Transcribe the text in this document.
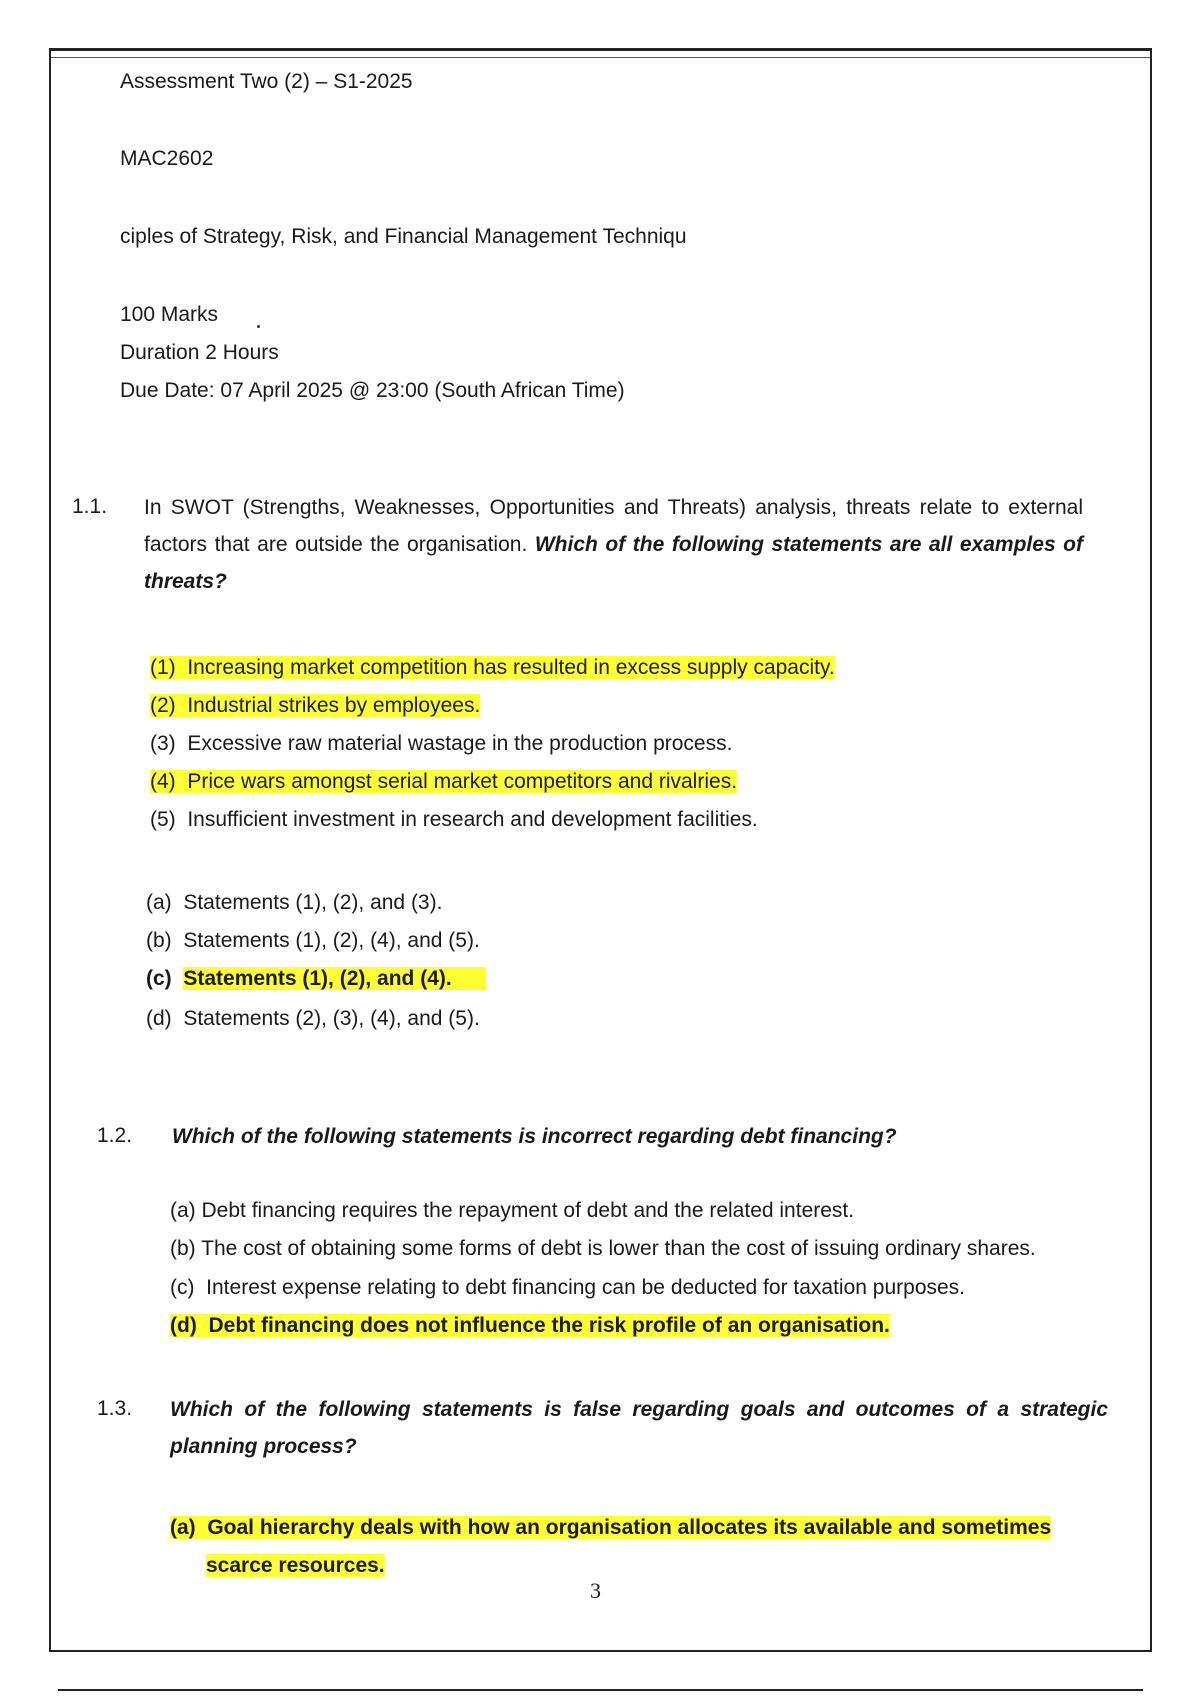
Assessment Two (2) – S1-2025
MAC2602
ciples of Strategy, Risk, and Financial Management Techniqu
100 Marks
Duration 2 Hours
Due Date: 07 April 2025 @ 23:00 (South African Time)
1.1. In SWOT (Strengths, Weaknesses, Opportunities and Threats) analysis, threats relate to external factors that are outside the organisation. Which of the following statements are all examples of threats?
(1) Increasing market competition has resulted in excess supply capacity.
(2) Industrial strikes by employees.
(3) Excessive raw material wastage in the production process.
(4) Price wars amongst serial market competitors and rivalries.
(5) Insufficient investment in research and development facilities.
(a) Statements (1), (2), and (3).
(b) Statements (1), (2), (4), and (5).
(c) Statements (1), (2), and (4).
(d) Statements (2), (3), (4), and (5).
1.2. Which of the following statements is incorrect regarding debt financing?
(a) Debt financing requires the repayment of debt and the related interest.
(b) The cost of obtaining some forms of debt is lower than the cost of issuing ordinary shares.
(c) Interest expense relating to debt financing can be deducted for taxation purposes.
(d) Debt financing does not influence the risk profile of an organisation.
1.3. Which of the following statements is false regarding goals and outcomes of a strategic planning process?
(a) Goal hierarchy deals with how an organisation allocates its available and sometimes
scarce resources.
3
